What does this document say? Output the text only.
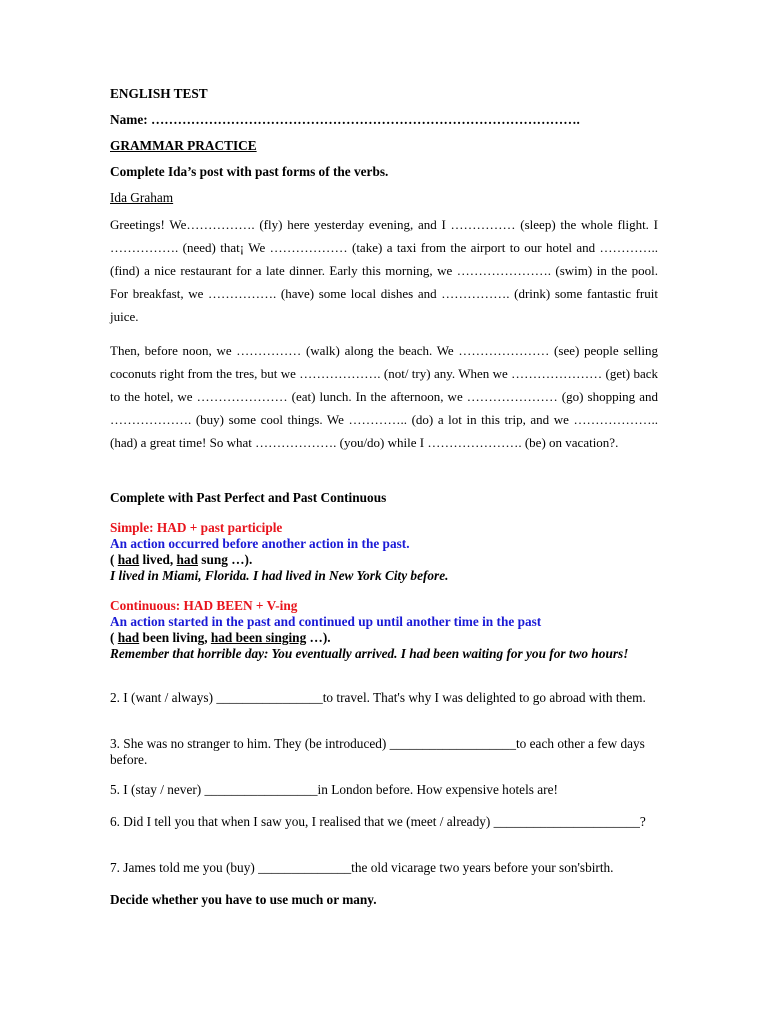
ENGLISH TEST
Name: …………………………………………………………………………………….
GRAMMAR PRACTICE
Complete Ida’s post with past forms of the verbs.
Ida Graham
Greetings! We……………. (fly) here yesterday evening, and I …………… (sleep) the whole flight. I ……………. (need) that¡ We ……………… (take) a taxi from the airport to our hotel and …………..(find) a nice restaurant for a late dinner. Early this morning, we …………………. (swim) in the pool. For breakfast, we ……………. (have) some local dishes and ……………. (drink) some fantastic fruit juice.
Then, before noon, we …………… (walk) along the beach. We ………………… (see) people selling coconuts right from the tres, but we ………………. (not/ try) any. When we ………………… (get) back to the hotel, we ………………… (eat) lunch. In the afternoon, we ………………… (go) shopping and ………………. (buy) some cool things. We ………….. (do) a lot in this trip, and we ……………….. (had) a great time! So what ………………. (you/do) while I …………………. (be) on vacation?.
Complete with Past Perfect and Past Continuous
Simple: HAD + past participle
An action occurred before another action in the past.
( had lived, had sung …).
I lived in Miami, Florida. I had lived in New York City before.
Continuous: HAD BEEN + V-ing
An action started in the past and continued up until another time in the past
( had been living, had been singing …).
Remember that horrible day: You eventually arrived. I had been waiting for you for two hours!
2. I (want / always) ________________to travel. That's why I was delighted to go abroad with them.
3. She was no stranger to him. They (be introduced) ___________________to each other a few days before.
5. I (stay / never) _________________in London before. How expensive hotels are!
6. Did I tell you that when I saw you, I realised that we (meet / already) ______________________?
7. James told me you (buy) ______________the old vicarage two years before your son'sbirth.
Decide whether you have to use much or many.
